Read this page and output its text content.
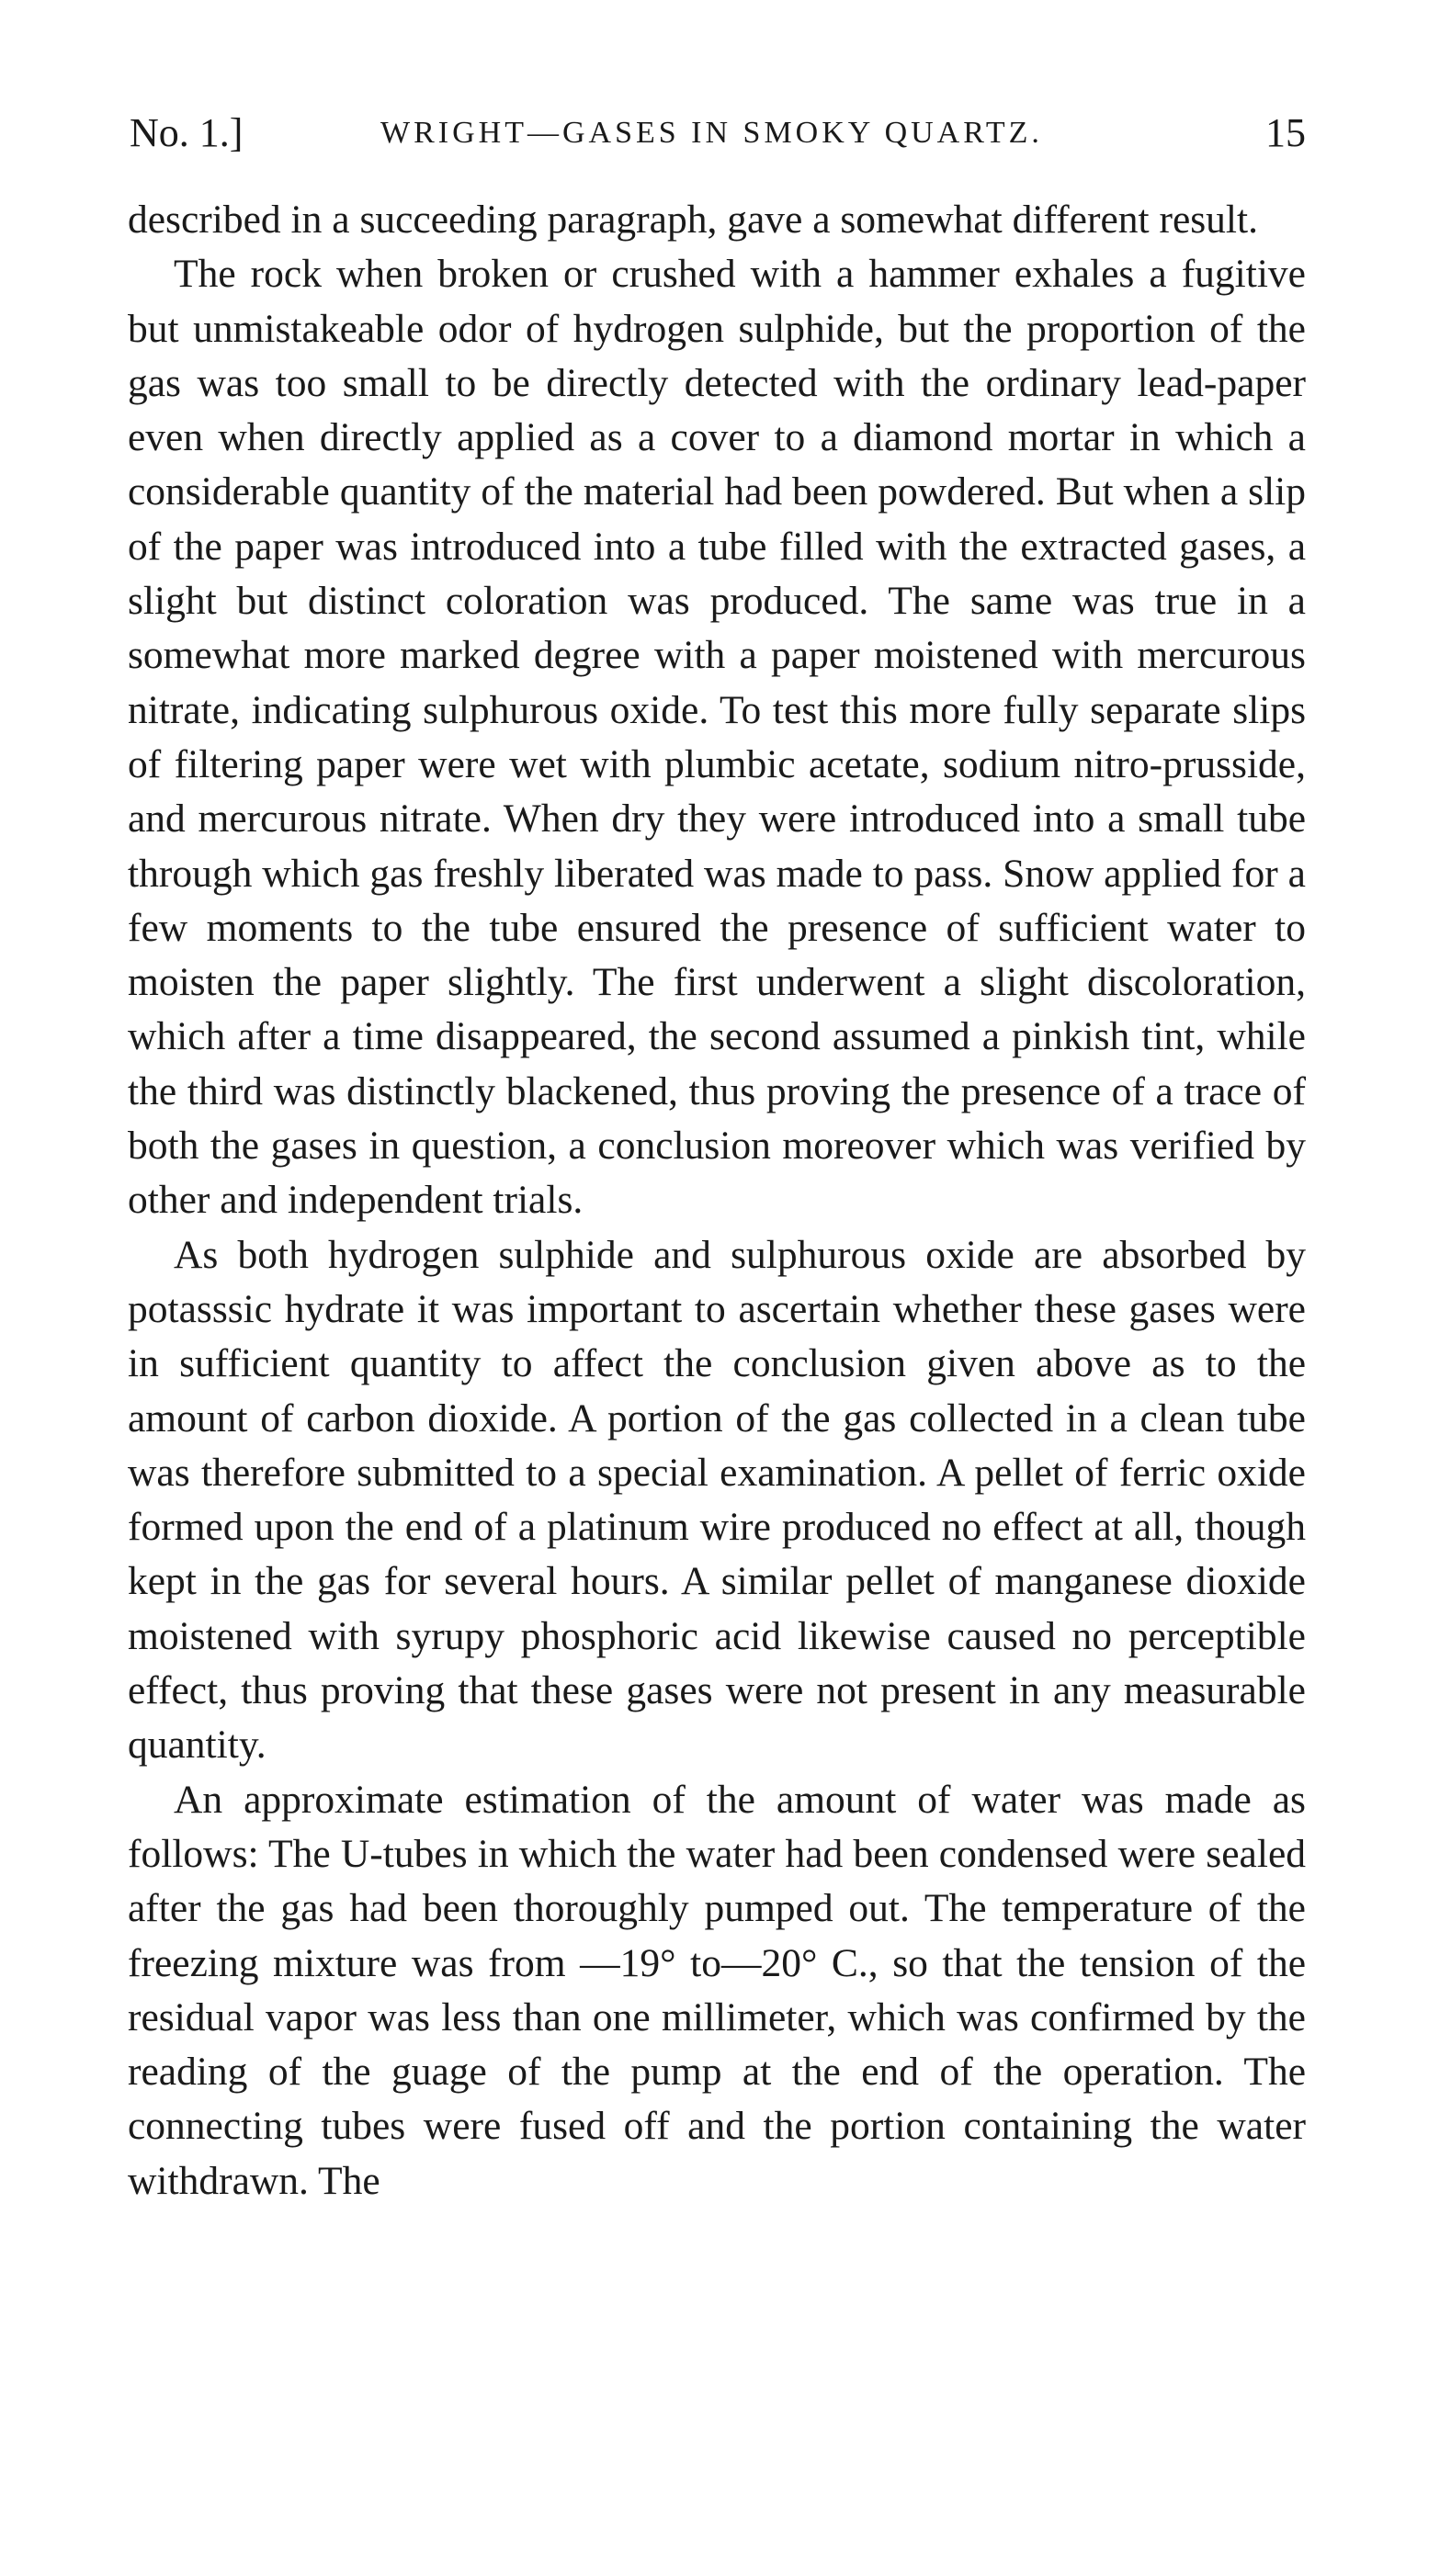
No. 1.]	WRIGHT—GASES IN SMOKY QUARTZ.	15

described in a succeeding paragraph, gave a somewhat different result.

The rock when broken or crushed with a hammer exhales a fugitive but unmistakeable odor of hydrogen sulphide, but the proportion of the gas was too small to be directly detected with the ordinary lead-paper even when directly applied as a cover to a diamond mortar in which a considerable quantity of the material had been powdered. But when a slip of the paper was introduced into a tube filled with the extracted gases, a slight but distinct coloration was produced. The same was true in a somewhat more marked degree with a paper moistened with mercurous nitrate, indicating sulphurous oxide. To test this more fully separate slips of filtering paper were wet with plumbic acetate, sodium nitro-prusside, and mercurous nitrate. When dry they were introduced into a small tube through which gas freshly liberated was made to pass. Snow applied for a few moments to the tube ensured the presence of sufficient water to moisten the paper slightly. The first underwent a slight discoloration, which after a time disappeared, the second assumed a pinkish tint, while the third was distinctly blackened, thus proving the presence of a trace of both the gases in question, a conclusion moreover which was verified by other and independent trials.

As both hydrogen sulphide and sulphurous oxide are absorbed by potasssic hydrate it was important to ascertain whether these gases were in sufficient quantity to affect the conclusion given above as to the amount of carbon dioxide. A portion of the gas collected in a clean tube was therefore submitted to a special examination. A pellet of ferric oxide formed upon the end of a platinum wire produced no effect at all, though kept in the gas for several hours. A similar pellet of manganese dioxide moistened with syrupy phosphoric acid likewise caused no perceptible effect, thus proving that these gases were not present in any measurable quantity.

An approximate estimation of the amount of water was made as follows: The U-tubes in which the water had been condensed were sealed after the gas had been thoroughly pumped out. The temperature of the freezing mixture was from —19° to—20° C., so that the tension of the residual vapor was less than one millimeter, which was confirmed by the reading of the guage of the pump at the end of the operation. The connecting tubes were fused off and the portion containing the water withdrawn. The
